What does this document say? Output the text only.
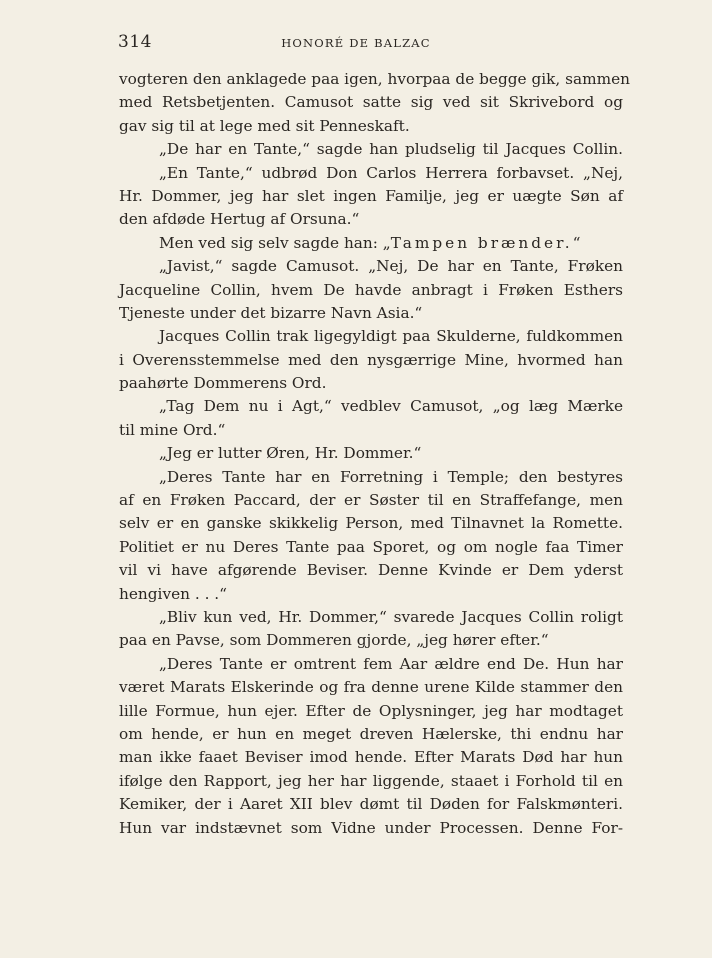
314	HONORÉ DE BALZAC
vogteren den anklagede paa igen, hvorpaa de begge gik, sammen
med Retsbetjenten. Camusot satte sig ved sit Skrivebord og
gav sig til at lege med sit Penneskaft.
„De har en Tante,“ sagde han pludselig til Jacques Collin.
„En Tante,“ udbrød Don Carlos Herrera forbavset. „Nej,
Hr. Dommer, jeg har slet ingen Familje, jeg er uægte Søn af
den afdøde Hertug af Orsuna.“
Men ved sig selv sagde han: „Tampen brænder.“
„Javist,“ sagde Camusot. „Nej, De har en Tante, Frøken
Jacqueline Collin, hvem De havde anbragt i Frøken Esthers
Tjeneste under det bizarre Navn Asia.“
Jacques Collin trak ligegyldigt paa Skulderne, fuldkommen
i Overensstemmelse med den nysgærrige Mine, hvormed han
paahørte Dommerens Ord.
„Tag Dem nu i Agt,“ vedblev Camusot, „og læg Mærke
til mine Ord.“
„Jeg er lutter Øren, Hr. Dommer.“
„Deres Tante har en Forretning i Temple; den bestyres
af en Frøken Paccard, der er Søster til en Straffefange, men
selv er en ganske skikkelig Person, med Tilnavnet la Romette.
Politiet er nu Deres Tante paa Sporet, og om nogle faa Timer
vil vi have afgørende Beviser. Denne Kvinde er Dem yderst
hengiven . . .“
„Bliv kun ved, Hr. Dommer,“ svarede Jacques Collin roligt
paa en Pavse, som Dommeren gjorde, „jeg hører efter.“
„Deres Tante er omtrent fem Aar ældre end De. Hun har
været Marats Elskerinde og fra denne urene Kilde stammer den
lille Formue, hun ejer. Efter de Oplysninger, jeg har modtaget
om hende, er hun en meget dreven Hælerske, thi endnu har
man ikke faaet Beviser imod hende. Efter Marats Død har hun
ifølge den Rapport, jeg her har liggende, staaet i Forhold til en
Kemiker, der i Aaret XII blev dømt til Døden for Falskmønteri.
Hun var indstævnet som Vidne under Processen. Denne For-
